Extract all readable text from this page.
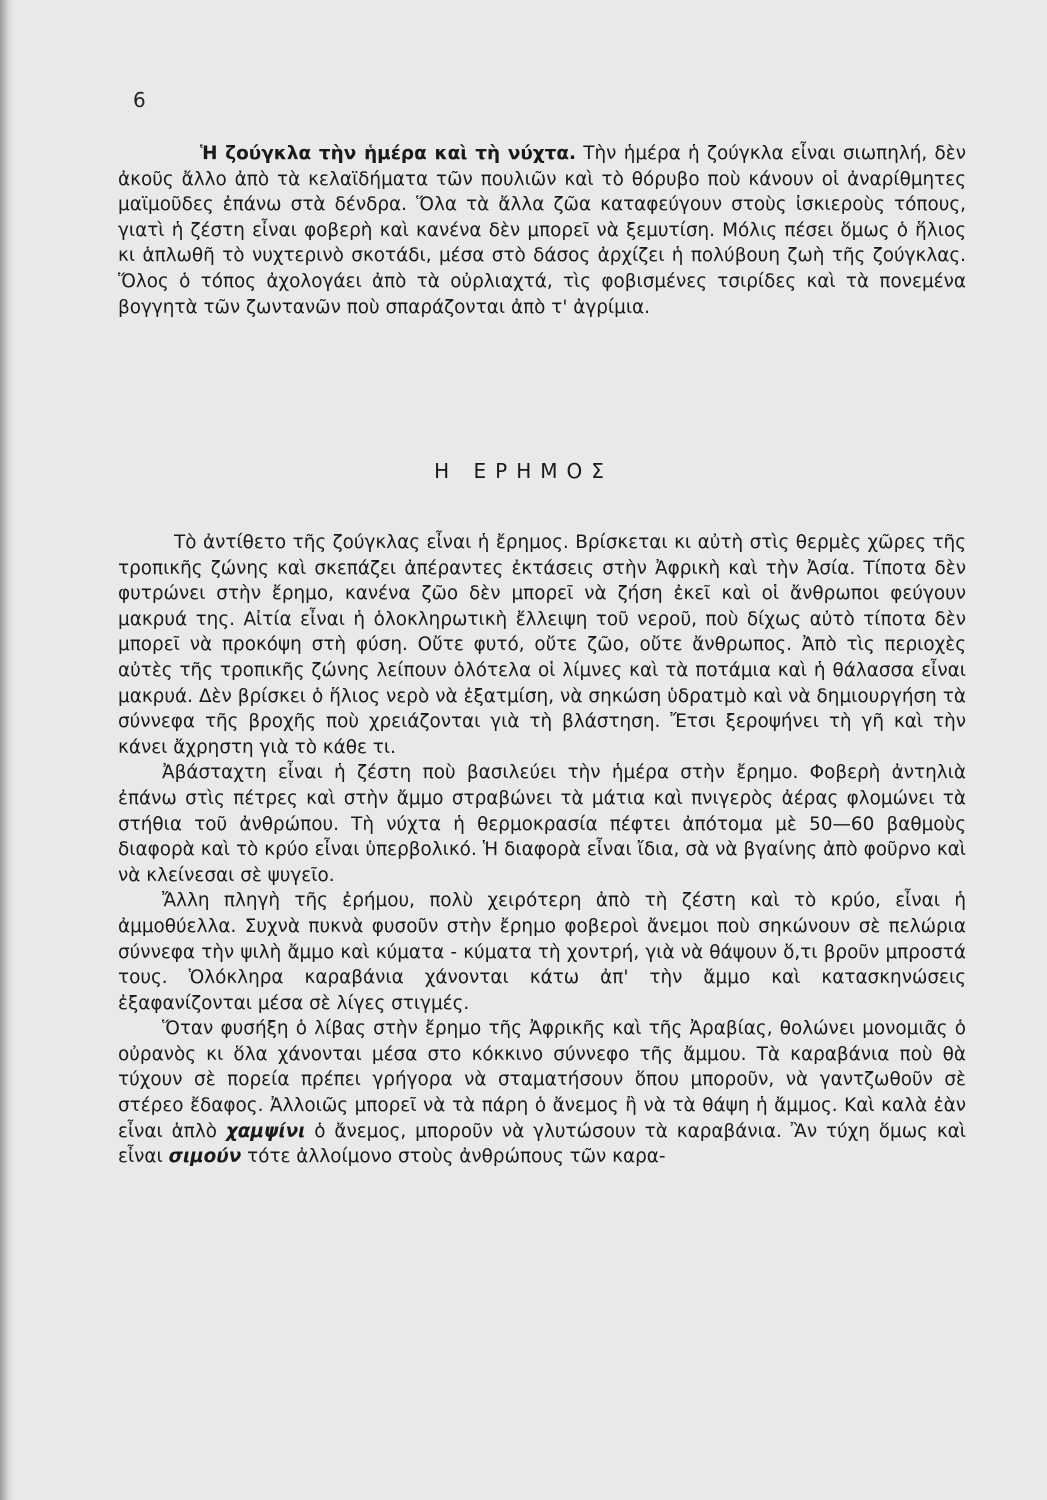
6

Ἡ ζούγκλα τὴν ἡμέρα καὶ τὴ νύχτα. Τὴν ἡμέρα ἡ ζούγκλα εἶναι σιωπηλή, δὲν ἀκοῦς ἄλλο ἀπὸ τὰ κελαϊδήματα τῶν πουλιῶν καὶ τὸ θόρυβο ποὺ κάνουν οἱ ἀναρίθμητες μαϊμοῦδες ἐπάνω στὰ δένδρα. Ὅλα τὰ ἄλλα ζῶα καταφεύγουν στοὺς ἰσκιεροὺς τόπους, γιατὶ ἡ ζέστη εἶναι φοβερὴ καὶ κανένα δὲν μπορεῖ νὰ ξεμυτίση. Μόλις πέσει ὅμως ὁ ἥλιος κι ἁπλωθῆ τὸ νυχτερινὸ σκοτάδι, μέσα στὸ δάσος ἀρχίζει ἡ πολύβουη ζωὴ τῆς ζούγκλας. Ὅλος ὁ τόπος ἀχολογάει ἀπὸ τὰ οὐρλιαχτά, τὶς φοβισμένες τσιρίδες καὶ τὰ πονεμένα βογγητὰ τῶν ζωντανῶν ποὺ σπαράζονται ἀπὸ τ' ἀγρίμια.

Η ΕΡΗΜΟΣ

Τὸ ἀντίθετο τῆς ζούγκλας εἶναι ἡ ἔρημος. Βρίσκεται κι αὐτὴ στὶς θερμὲς χῶρες τῆς τροπικῆς ζώνης καὶ σκεπάζει ἀπέραντες ἐκτάσεις στὴν Ἀφρικὴ καὶ τὴν Ἀσία. Τίποτα δὲν φυτρώνει στὴν ἔρημο, κανένα ζῶο δὲν μπορεῖ νὰ ζήση ἐκεῖ καὶ οἱ ἄνθρωποι φεύγουν μακρυά της. Αἰτία εἶναι ἡ ὁλοκληρωτικὴ ἔλλειψη τοῦ νεροῦ, ποὺ δίχως αὐτὸ τίποτα δὲν μπορεῖ νὰ προκόψη στὴ φύση. Οὔτε φυτό, οὔτε ζῶο, οὔτε ἄνθρωπος. Ἀπὸ τὶς περιοχὲς αὐτὲς τῆς τροπικῆς ζώνης λείπουν ὁλότελα οἱ λίμνες καὶ τὰ ποτάμια καὶ ἡ θάλασσα εἶναι μακρυά. Δὲν βρίσκει ὁ ἥλιος νερὸ νὰ ἐξατμίση, νὰ σηκώση ὑδρατμὸ καὶ νὰ δημιουργήση τὰ σύννεφα τῆς βροχῆς ποὺ χρειάζονται γιὰ τὴ βλάστηση. Ἔτσι ξεροψήνει τὴ γῆ καὶ τὴν κάνει ἄχρηστη γιὰ τὸ κάθε τι.

Ἀβάσταχτη εἶναι ἡ ζέστη ποὺ βασιλεύει τὴν ἡμέρα στὴν ἔρημο. Φοβερὴ ἀντηλιὰ ἐπάνω στὶς πέτρες καὶ στὴν ἄμμο στραβώνει τὰ μάτια καὶ πνιγερὸς ἀέρας φλομώνει τὰ στήθια τοῦ ἀνθρώπου. Τὴ νύχτα ἡ θερμοκρασία πέφτει ἀπότομα μὲ 50—60 βαθμοὺς διαφορὰ καὶ τὸ κρύο εἶναι ὑπερβολικό. Ἡ διαφορὰ εἶναι ἴδια, σὰ νὰ βγαίνης ἀπὸ φοῦρνο καὶ νὰ κλείνεσαι σὲ ψυγεῖο.

Ἄλλη πληγὴ τῆς ἐρήμου, πολὺ χειρότερη ἀπὸ τὴ ζέστη καὶ τὸ κρύο, εἶναι ἡ ἀμμοθύελλα. Συχνὰ πυκνὰ φυσοῦν στὴν ἔρημο φοβεροὶ ἄνεμοι ποὺ σηκώνουν σὲ πελώρια σύννεφα τὴν ψιλὴ ἄμμο καὶ κύματα - κύματα τὴ χοντρή, γιὰ νὰ θάψουν ὅ,τι βροῦν μπροστά τους. Ὁλόκληρα καραβάνια χάνονται κάτω ἀπ' τὴν ἄμμο καὶ κατασκηνώσεις ἐξαφανίζονται μέσα σὲ λίγες στιγμές.

Ὅταν φυσήξη ὁ λίβας στὴν ἔρημο τῆς Ἀφρικῆς καὶ τῆς Ἀραβίας, θολώνει μονομιᾶς ὁ οὐρανὸς κι ὅλα χάνονται μέσα στο κόκκινο σύννεφο τῆς ἄμμου. Τὰ καραβάνια ποὺ θὰ τύχουν σὲ πορεία πρέπει γρήγορα νὰ σταματήσουν ὅπου μποροῦν, νὰ γαντζωθοῦν σὲ στέρεο ἔδαφος. Ἀλλοιῶς μπορεῖ νὰ τὰ πάρη ὁ ἄνεμος ἢ νὰ τὰ θάψη ἡ ἄμμος. Καὶ καλὰ ἐὰν εἶναι ἁπλὸ χαμψίνι ὁ ἄνεμος, μποροῦν νὰ γλυτώσουν τὰ καραβάνια. Ἂν τύχη ὅμως καὶ εἶναι σιμούν τότε ἀλλοίμονο στοὺς ἀνθρώπους τῶν καρα-
